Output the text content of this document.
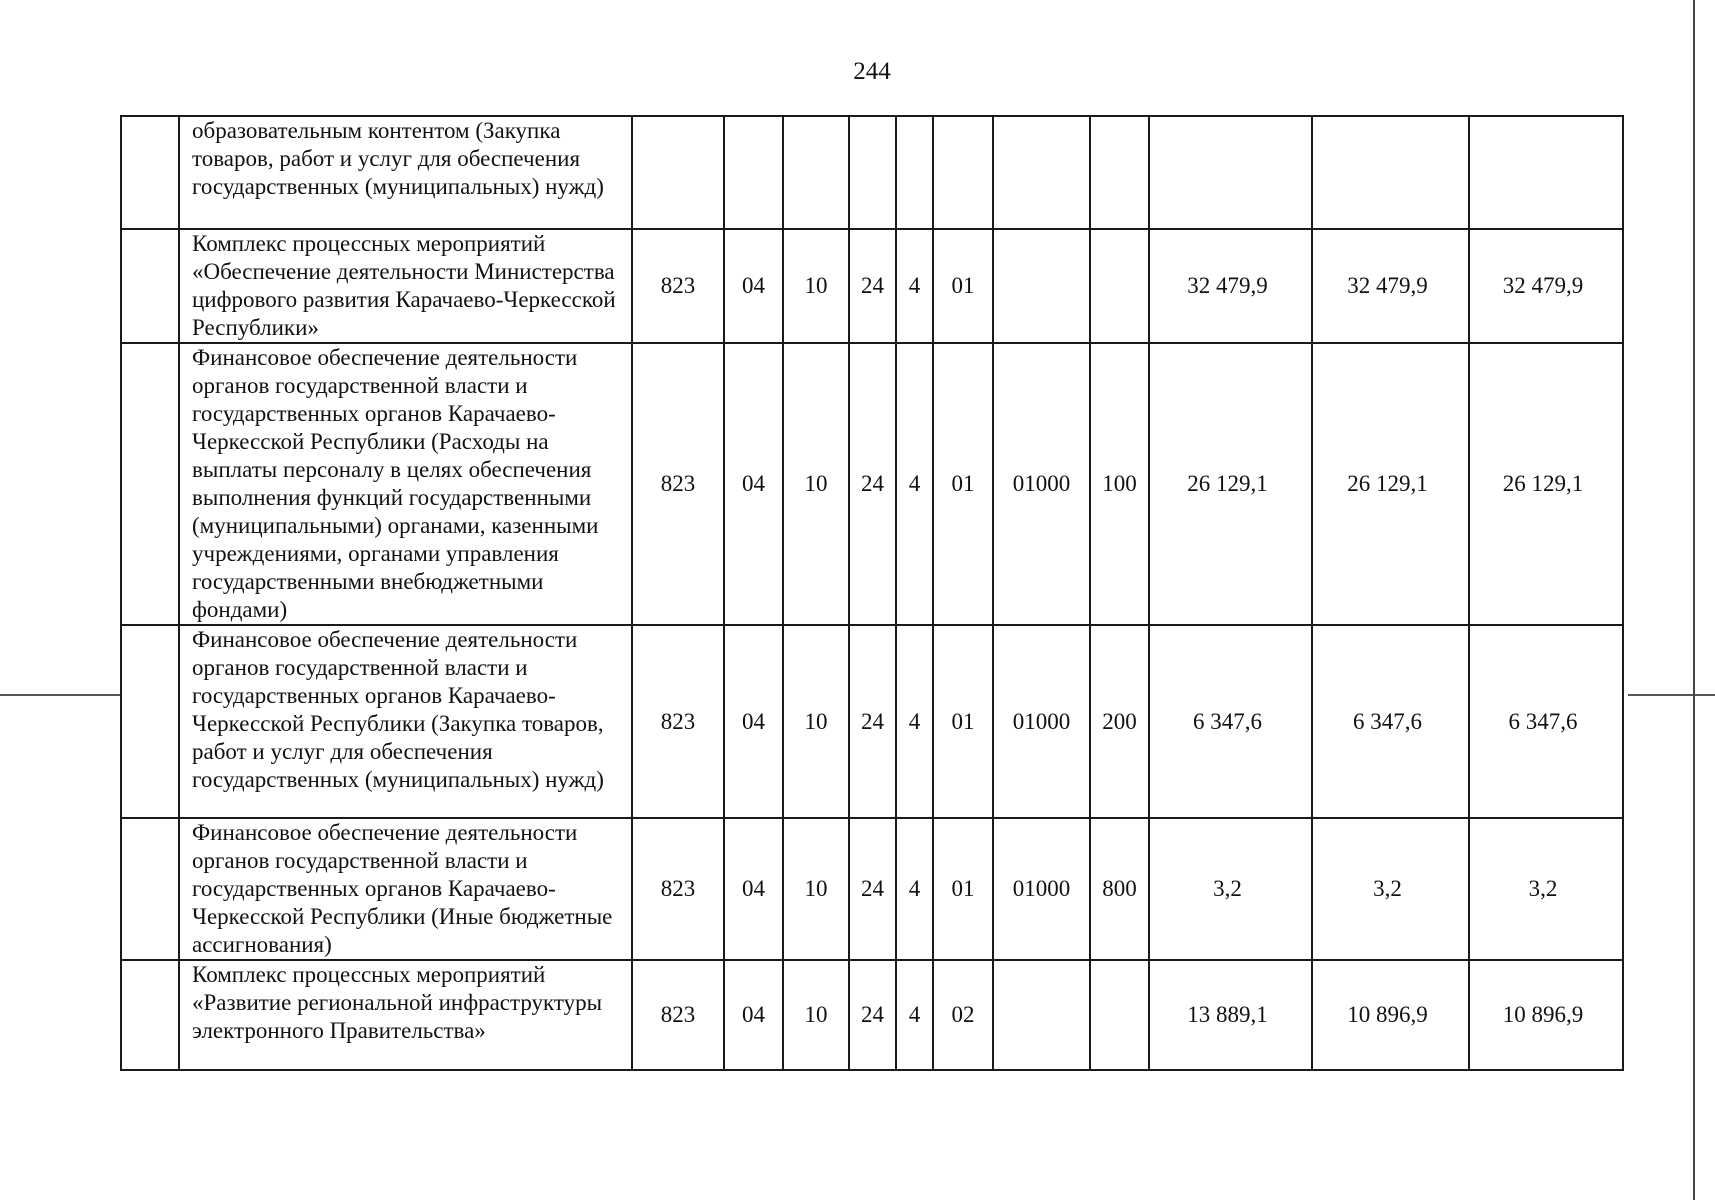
244
	образовательным контентом (Закупка товаров, работ и услуг для обеспечения государственных (муниципальных) нужд)											
	Комплекс процессных мероприятий «Обеспечение деятельности Министерства цифрового развития Карачаево-Черкесской Республики»	823	04	10	24	4	01			32 479,9	32 479,9	32 479,9
	Финансовое обеспечение деятельности органов государственной власти и государственных органов Карачаево-Черкесской Республики (Расходы на выплаты персоналу в целях обеспечения выполнения функций государственными (муниципальными) органами, казенными учреждениями, органами управления государственными внебюджетными фондами)	823	04	10	24	4	01	01000	100	26 129,1	26 129,1	26 129,1
	Финансовое обеспечение деятельности органов государственной власти и государственных органов Карачаево-Черкесской Республики (Закупка товаров, работ и услуг для обеспечения государственных (муниципальных) нужд)	823	04	10	24	4	01	01000	200	6 347,6	6 347,6	6 347,6
	Финансовое обеспечение деятельности органов государственной власти и государственных органов Карачаево-Черкесской Республики (Иные бюджетные ассигнования)	823	04	10	24	4	01	01000	800	3,2	3,2	3,2
	Комплекс процессных мероприятий «Развитие региональной инфраструктуры электронного Правительства»	823	04	10	24	4	02			13 889,1	10 896,9	10 896,9
